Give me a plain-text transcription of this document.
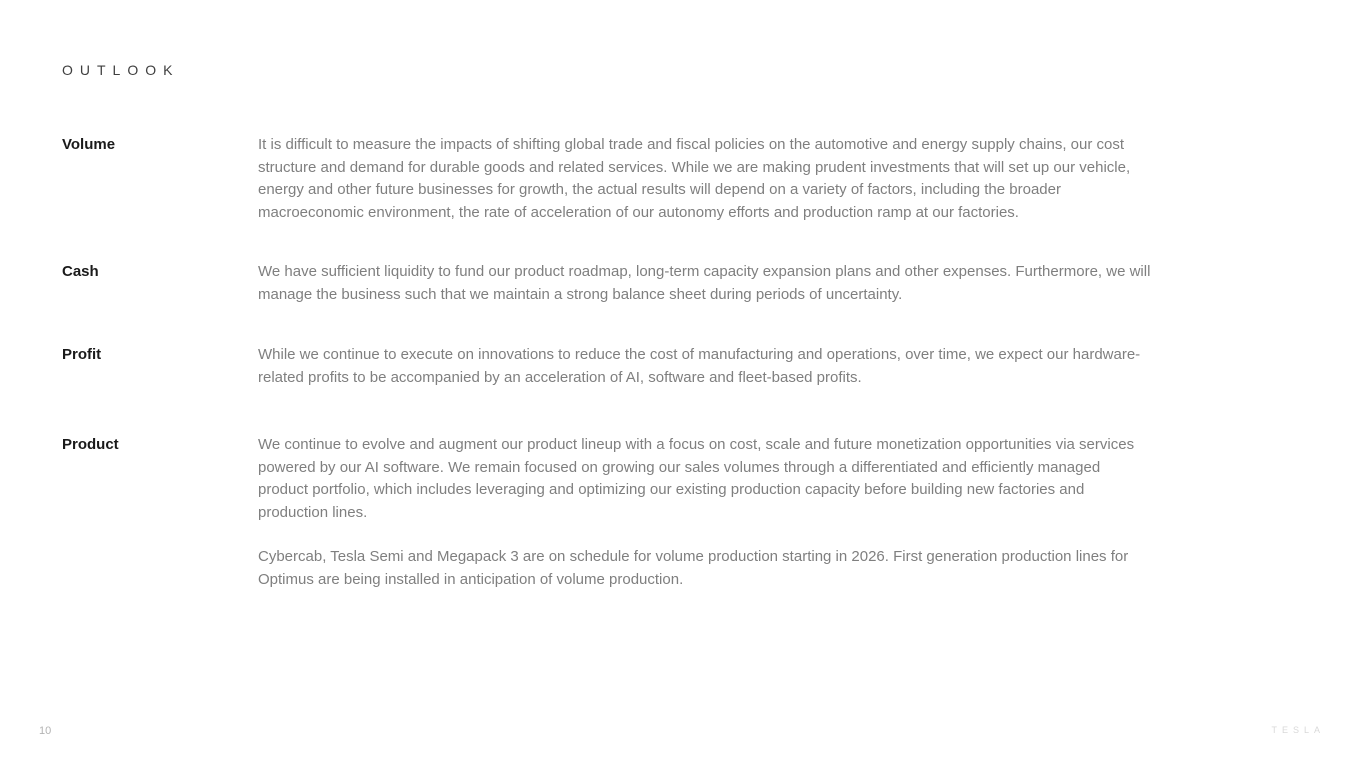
OUTLOOK
Volume	It is difficult to measure the impacts of shifting global trade and fiscal policies on the automotive and energy supply chains, our cost structure and demand for durable goods and related services. While we are making prudent investments that will set up our vehicle, energy and other future businesses for growth, the actual results will depend on a variety of factors, including the broader macroeconomic environment, the rate of acceleration of our autonomy efforts and production ramp at our factories.

Cash	We have sufficient liquidity to fund our product roadmap, long-term capacity expansion plans and other expenses. Furthermore, we will manage the business such that we maintain a strong balance sheet during periods of uncertainty.

Profit	While we continue to execute on innovations to reduce the cost of manufacturing and operations, over time, we expect our hardware-related profits to be accompanied by an acceleration of AI, software and fleet-based profits.

Product	We continue to evolve and augment our product lineup with a focus on cost, scale and future monetization opportunities via services powered by our AI software. We remain focused on growing our sales volumes through a differentiated and efficiently managed product portfolio, which includes leveraging and optimizing our existing production capacity before building new factories and production lines.

Cybercab, Tesla Semi and Megapack 3 are on schedule for volume production starting in 2026. First generation production lines for Optimus are being installed in anticipation of volume production.

10	TESLA
